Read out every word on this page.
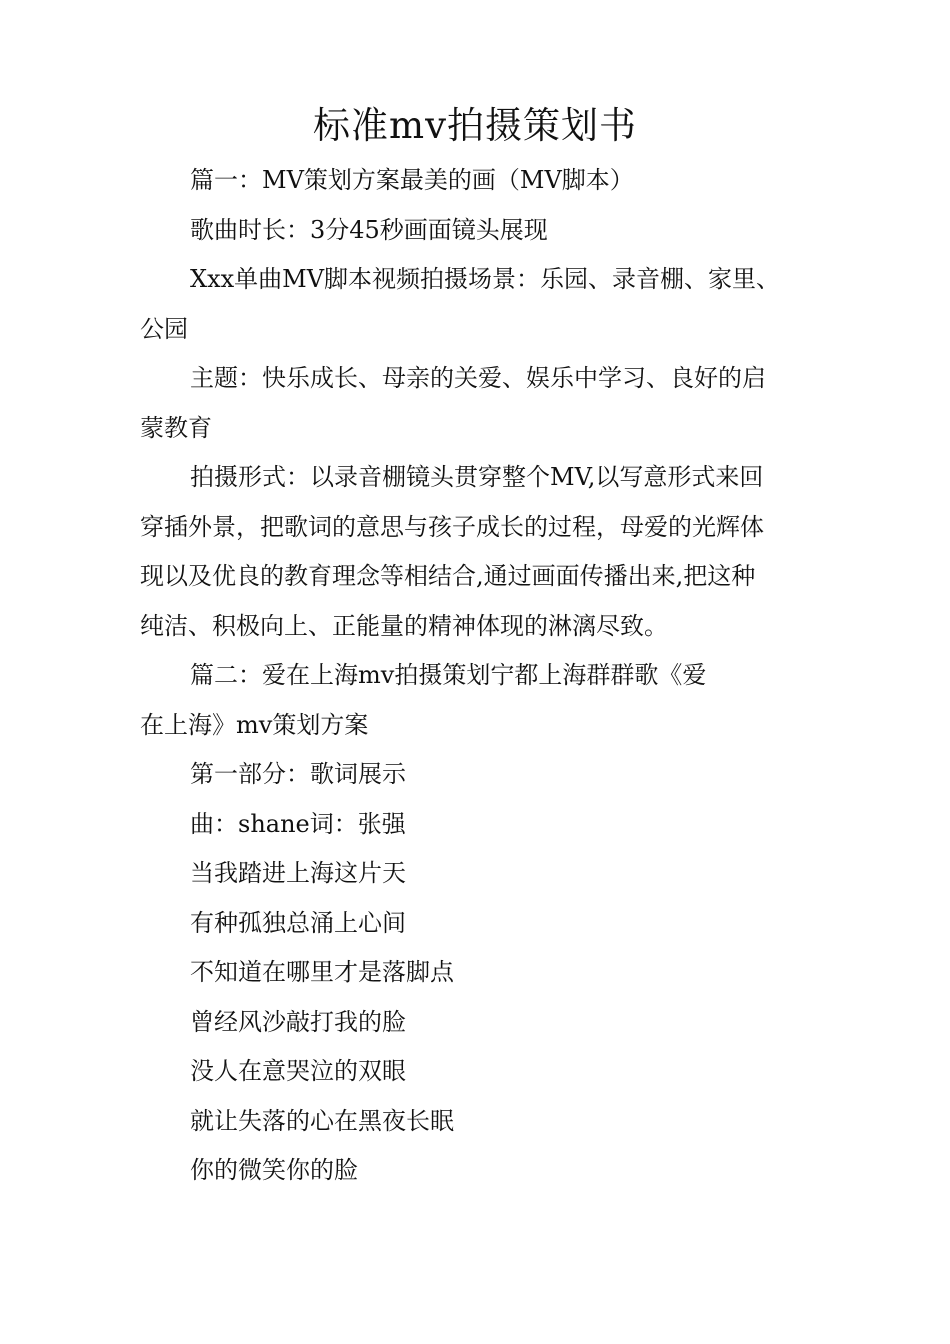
标准mv拍摄策划书

篇一：MV策划方案最美的画（MV脚本）

歌曲时长：3分45秒画面镜头展现

Xxx单曲MV脚本视频拍摄场景：乐园、录音棚、家里、

公园

主题：快乐成长、母亲的关爱、娱乐中学习、良好的启

蒙教育

拍摄形式：以录音棚镜头贯穿整个MV,以写意形式来回

穿插外景，把歌词的意思与孩子成长的过程，母爱的光辉体

现以及优良的教育理念等相结合,通过画面传播出来,把这种

纯洁、积极向上、正能量的精神体现的淋漓尽致。

篇二：爱在上海mv拍摄策划宁都上海群群歌《爱

在上海》mv策划方案

第一部分：歌词展示

曲：shane词：张强

当我踏进上海这片天

有种孤独总涌上心间

不知道在哪里才是落脚点

曾经风沙敲打我的脸

没人在意哭泣的双眼

就让失落的心在黑夜长眠

你的微笑你的脸
